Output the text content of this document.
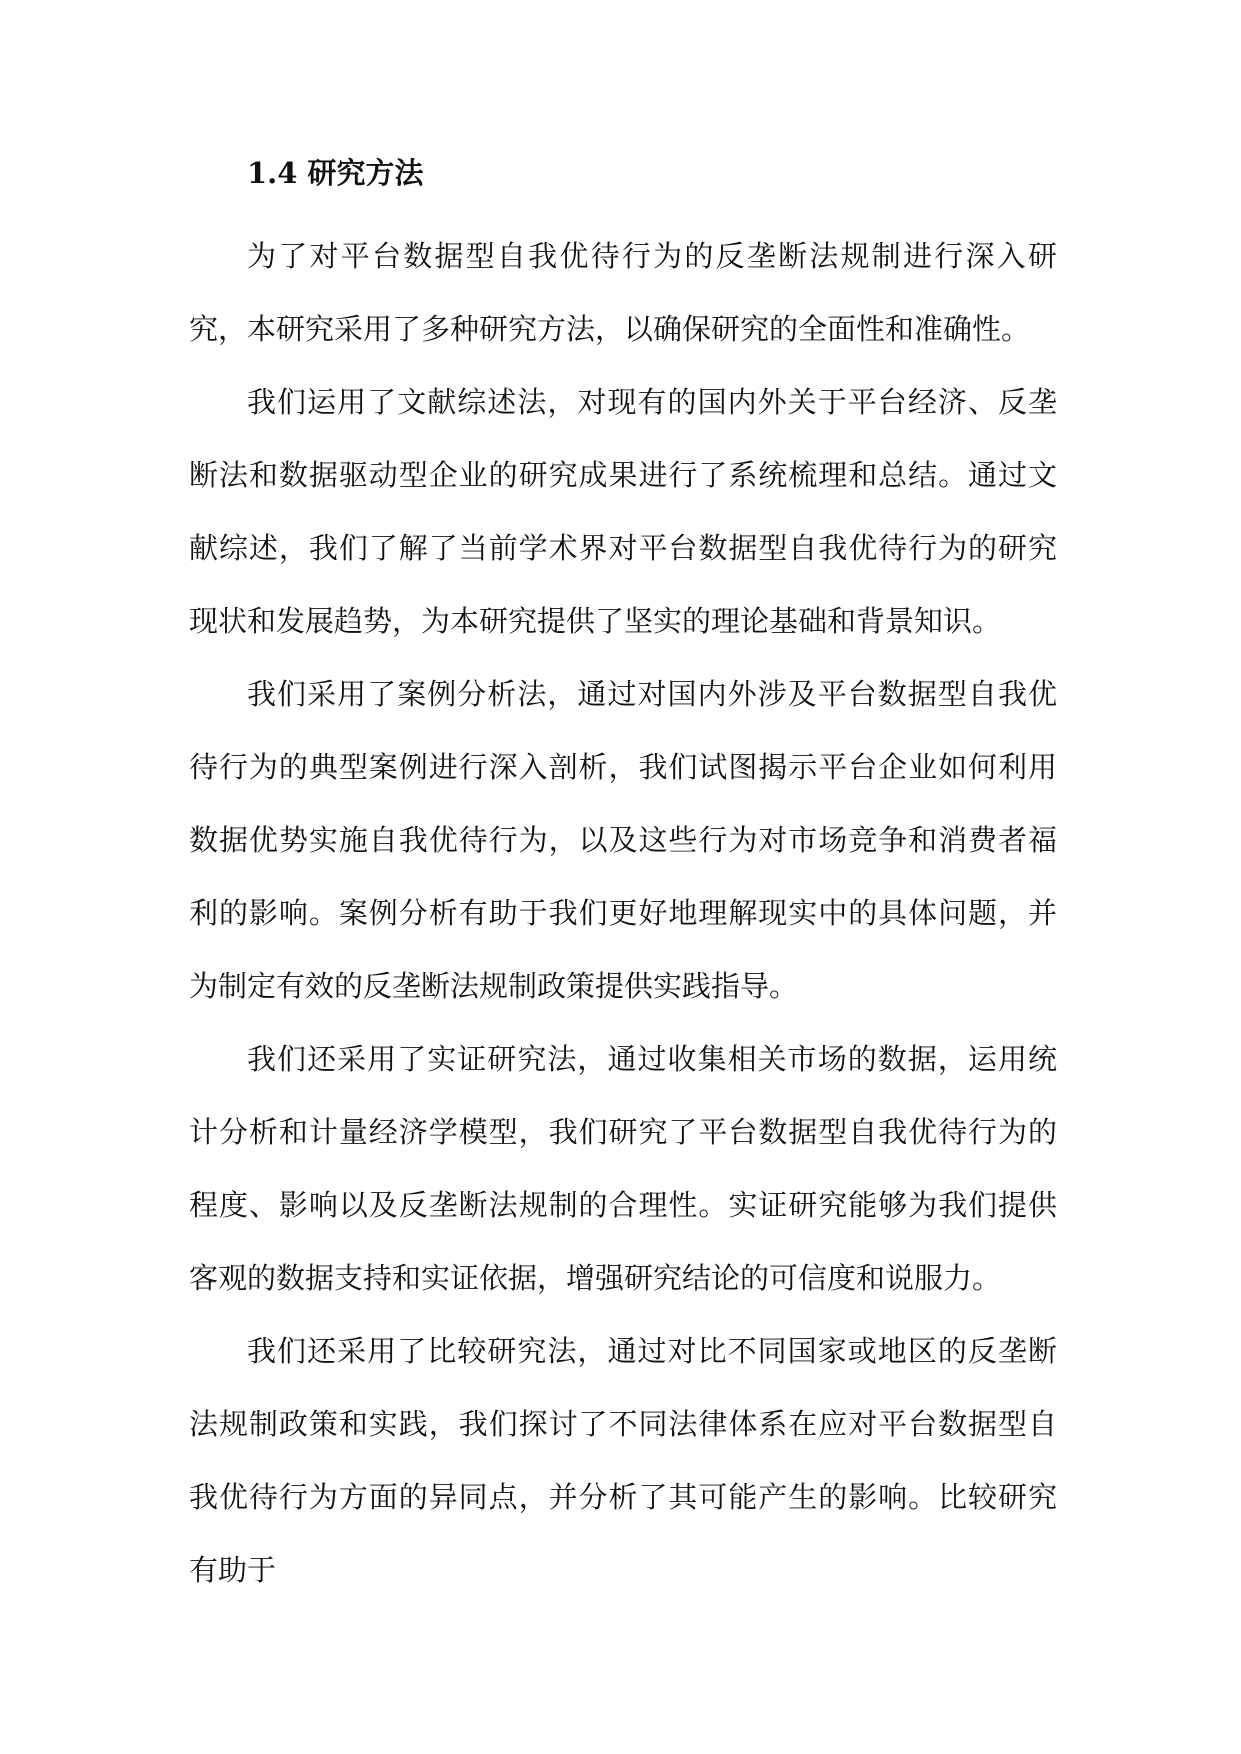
1.4 研究方法

为了对平台数据型自我优待行为的反垄断法规制进行深入研究，本研究采用了多种研究方法，以确保研究的全面性和准确性。

我们运用了文献综述法，对现有的国内外关于平台经济、反垄断法和数据驱动型企业的研究成果进行了系统梳理和总结。通过文献综述，我们了解了当前学术界对平台数据型自我优待行为的研究现状和发展趋势，为本研究提供了坚实的理论基础和背景知识。

我们采用了案例分析法，通过对国内外涉及平台数据型自我优待行为的典型案例进行深入剖析，我们试图揭示平台企业如何利用数据优势实施自我优待行为，以及这些行为对市场竞争和消费者福利的影响。案例分析有助于我们更好地理解现实中的具体问题，并为制定有效的反垄断法规制政策提供实践指导。

我们还采用了实证研究法，通过收集相关市场的数据，运用统计分析和计量经济学模型，我们研究了平台数据型自我优待行为的程度、影响以及反垄断法规制的合理性。实证研究能够为我们提供客观的数据支持和实证依据，增强研究结论的可信度和说服力。

我们还采用了比较研究法，通过对比不同国家或地区的反垄断法规制政策和实践，我们探讨了不同法律体系在应对平台数据型自我优待行为方面的异同点，并分析了其可能产生的影响。比较研究有助于
